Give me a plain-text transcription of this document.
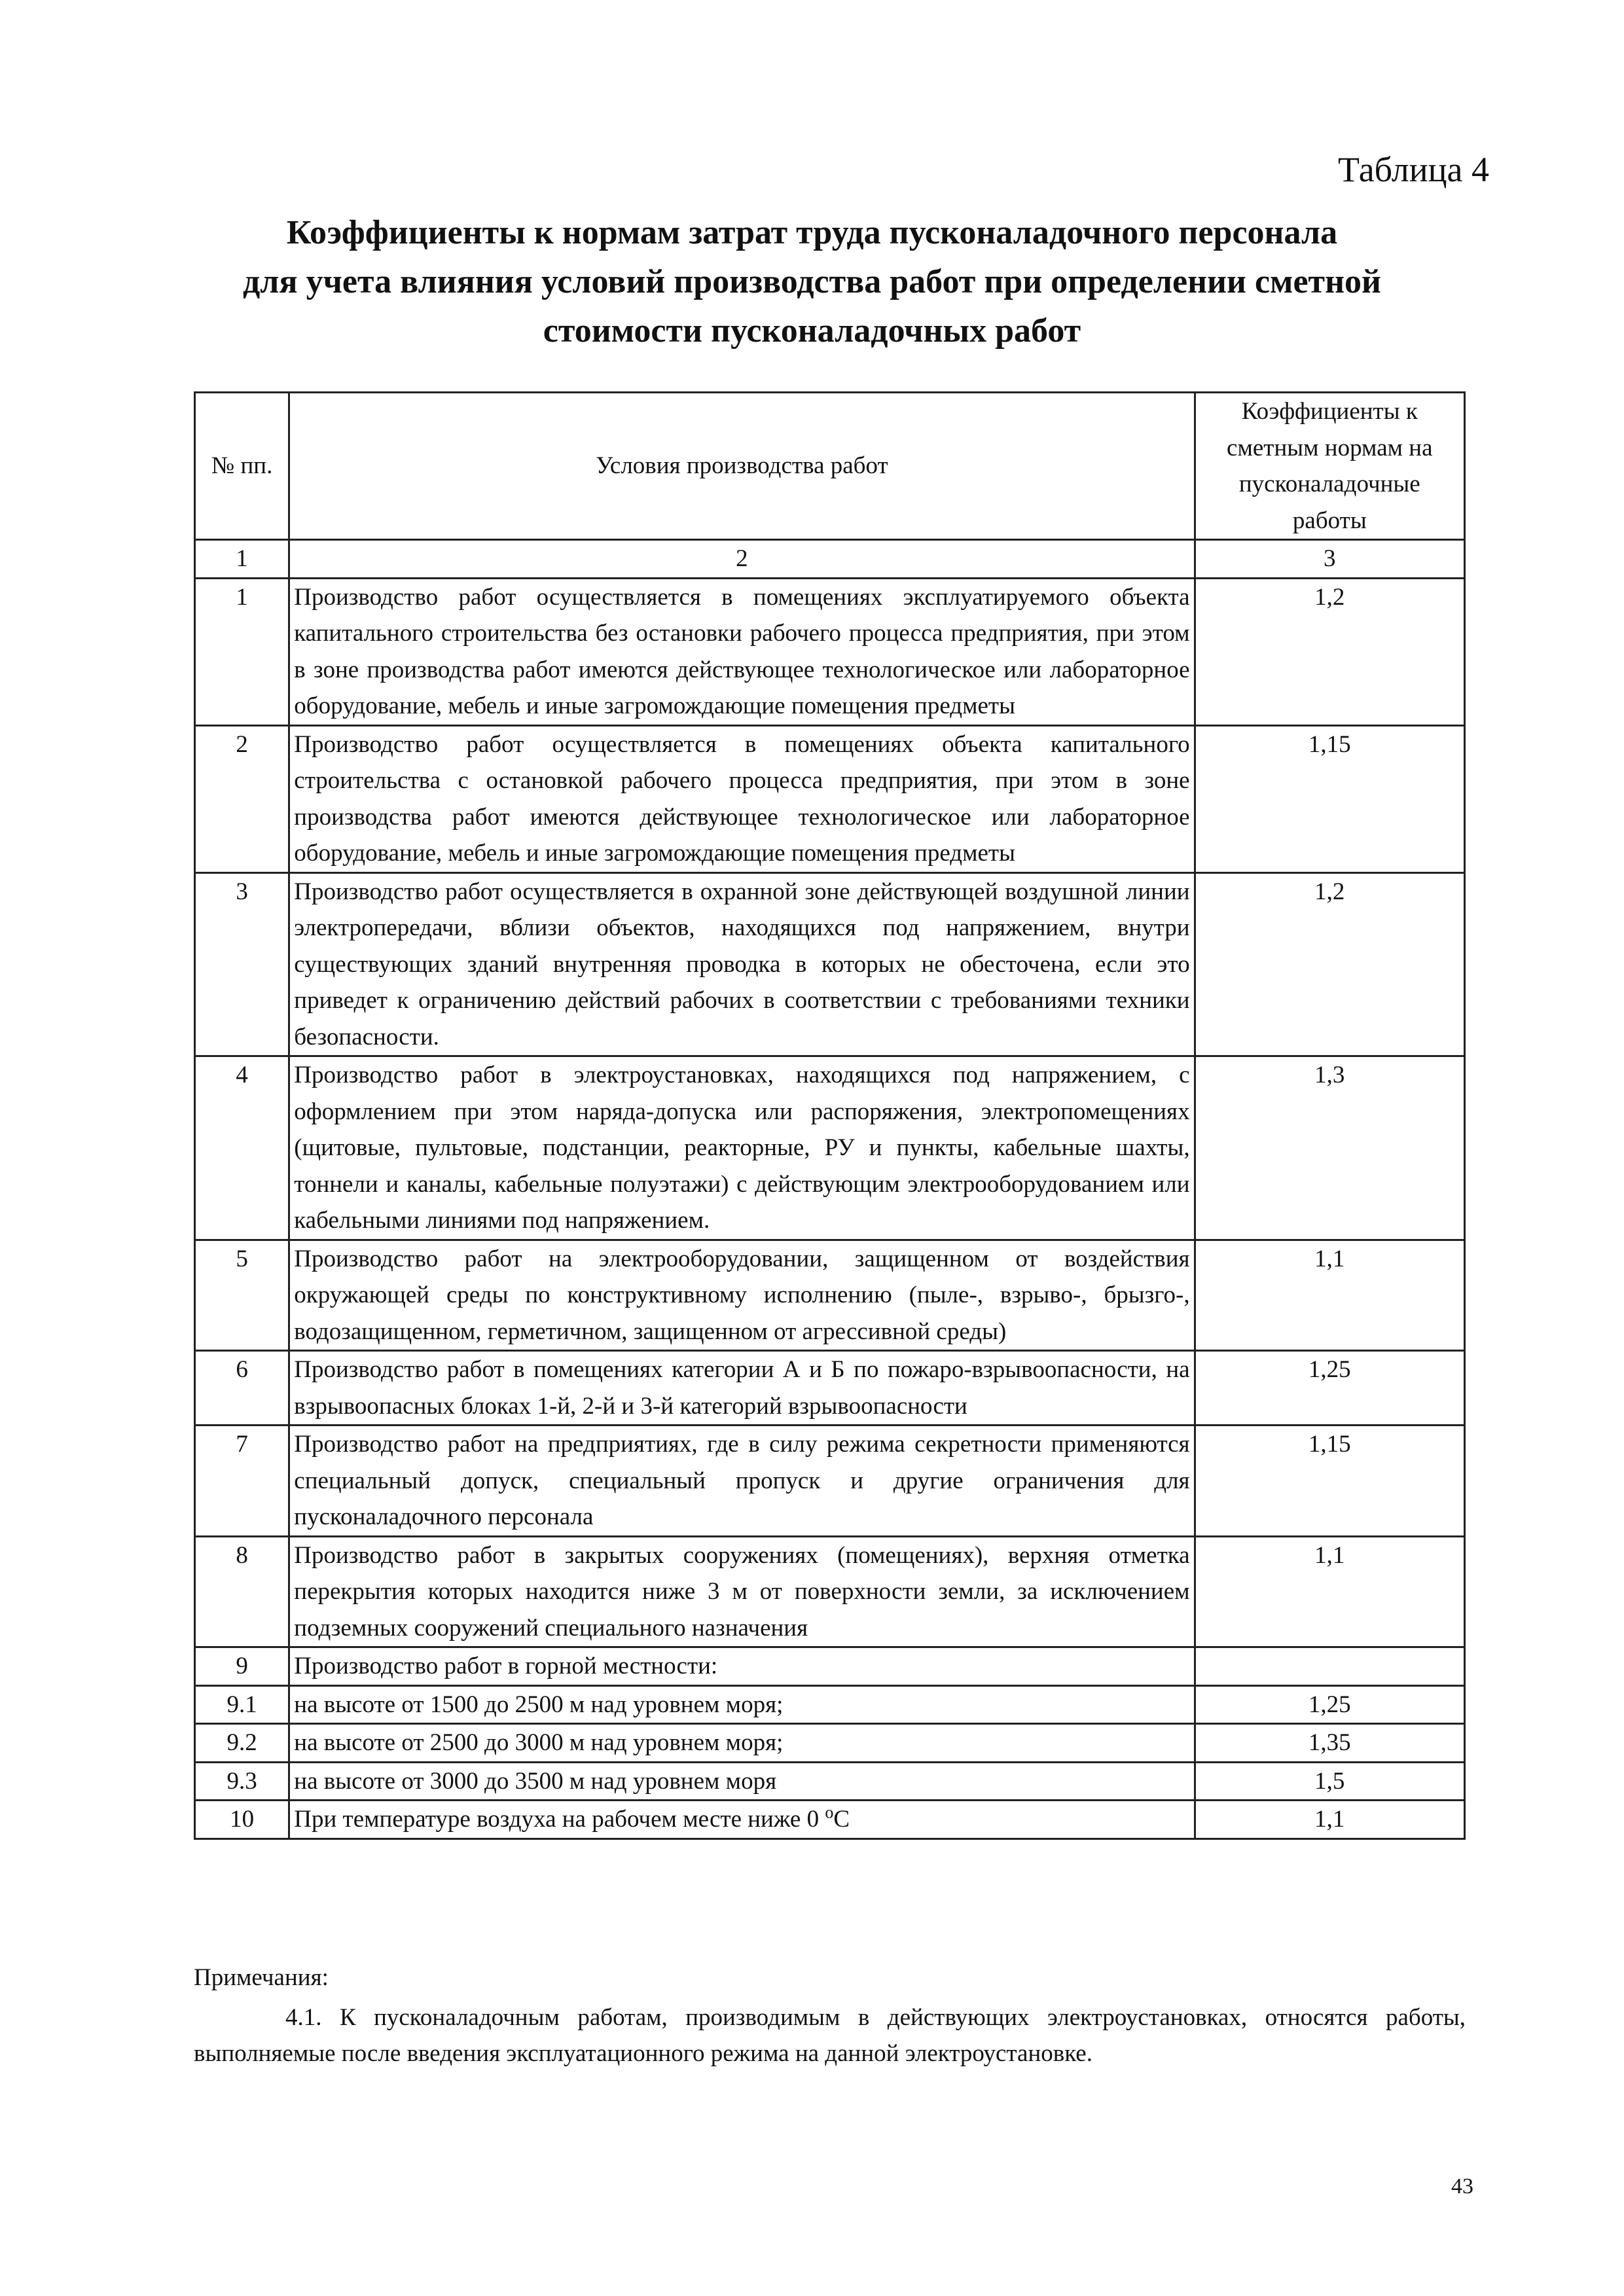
Таблица 4
Коэффициенты к нормам затрат труда пусконаладочного персонала
для учета влияния условий производства работ при определении сметной
стоимости пусконаладочных работ
№ пп.	Условия производства работ	Коэффициенты к сметным нормам на пусконаладочные работы
1	2	3
1	Производство работ осуществляется в помещениях эксплуатируемого объекта капитального строительства без остановки рабочего процесса предприятия, при этом в зоне производства работ имеются действующее технологическое или лабораторное оборудование, мебель и иные загромождающие помещения предметы	1,2
2	Производство работ осуществляется в помещениях объекта капитального строительства с остановкой рабочего процесса предприятия, при этом в зоне производства работ имеются действующее технологическое или лабораторное оборудование, мебель и иные загромождающие помещения предметы	1,15
3	Производство работ осуществляется в охранной зоне действующей воздушной линии электропередачи, вблизи объектов, находящихся под напряжением, внутри существующих зданий внутренняя проводка в которых не обесточена, если это приведет к ограничению действий рабочих в соответствии с требованиями техники безопасности.	1,2
4	Производство работ в электроустановках, находящихся под напряжением, с оформлением при этом наряда-допуска или распоряжения, электропомещениях (щитовые, пультовые, подстанции, реакторные, РУ и пункты, кабельные шахты, тоннели и каналы, кабельные полуэтажи) с действующим электрооборудованием или кабельными линиями под напряжением.	1,3
5	Производство работ на электрооборудовании, защищенном от воздействия окружающей среды по конструктивному исполнению (пыле-, взрыво-, брызго-, водозащищенном, герметичном, защищенном от агрессивной среды)	1,1
6	Производство работ в помещениях категории А и Б по пожаро-взрывоопасности, на взрывоопасных блоках 1-й, 2-й и 3-й категорий взрывоопасности	1,25
7	Производство работ на предприятиях, где в силу режима секретности применяются специальный допуск, специальный пропуск и другие ограничения для пусконаладочного персонала	1,15
8	Производство работ в закрытых сооружениях (помещениях), верхняя отметка перекрытия которых находится ниже 3 м от поверхности земли, за исключением подземных сооружений специального назначения	1,1
9	Производство работ в горной местности:	
9.1	на высоте от 1500 до 2500 м над уровнем моря;	1,25
9.2	на высоте от 2500 до 3000 м над уровнем моря;	1,35
9.3	на высоте от 3000 до 3500 м над уровнем моря	1,5
10	При температуре воздуха на рабочем месте ниже 0 $^о$С	1,1
Примечания:
4.1. К пусконаладочным работам, производимым в действующих электроустановках, относятся работы, выполняемые после введения эксплуатационного режима на данной электроустановке.
43
